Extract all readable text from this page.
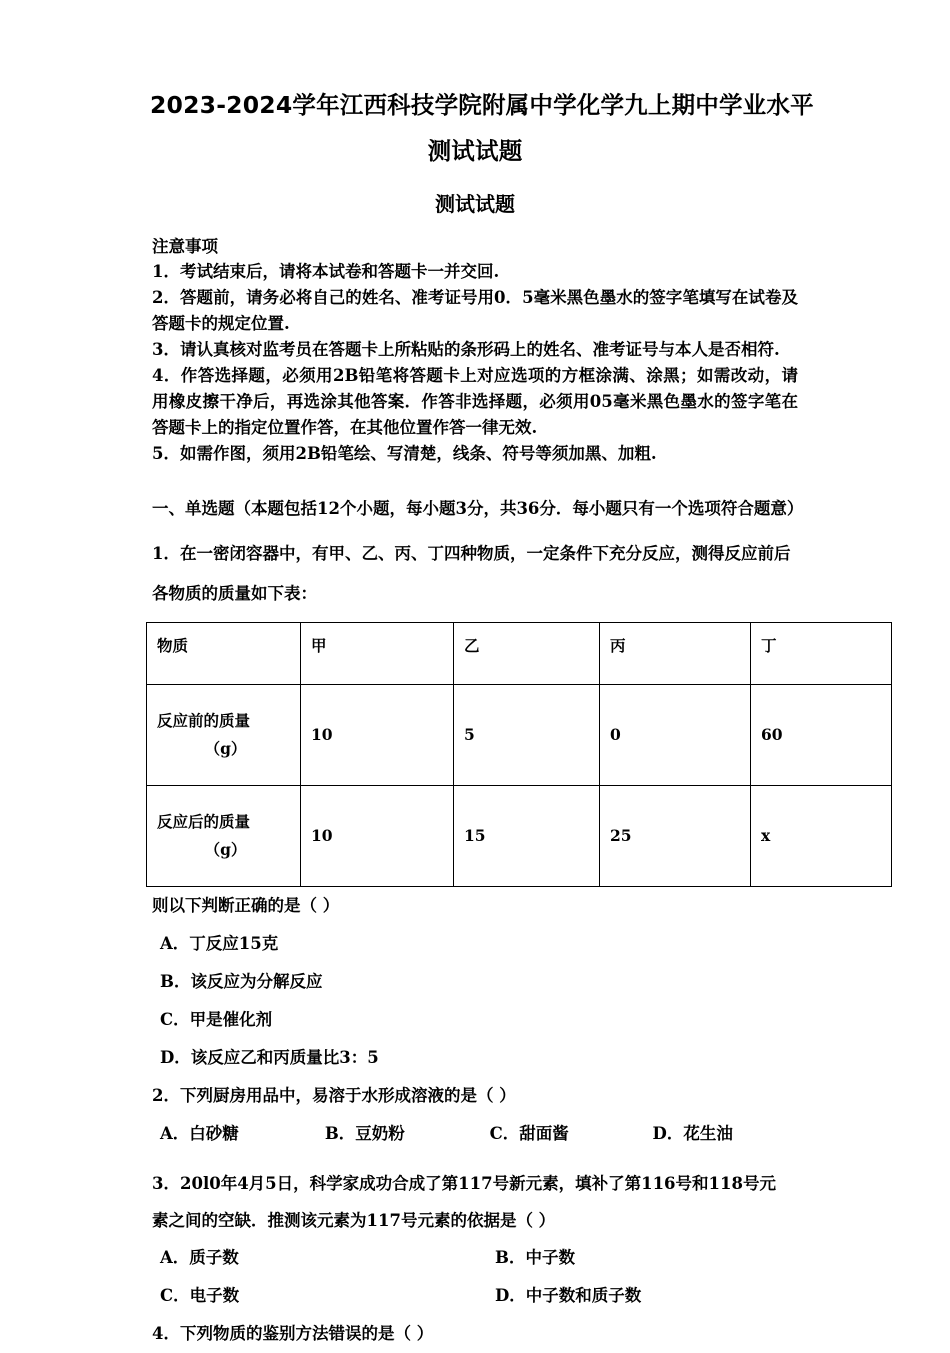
2023-2024学年江西科技学院附属中学化学九上期中学业水平
测试试题
测试试题
注意事项
1．考试结束后，请将本试卷和答题卡一并交回.
2．答题前，请务必将自己的姓名、准考证号用0．5毫米黑色墨水的签字笔填写在试卷及答题卡的规定位置.
3．请认真核对监考员在答题卡上所粘贴的条形码上的姓名、准考证号与本人是否相符.
4．作答选择题，必须用2B铅笔将答题卡上对应选项的方框涂满、涂黑；如需改动，请用橡皮擦干净后，再选涂其他答案．作答非选择题，必须用05毫米黑色墨水的签字笔在答题卡上的指定位置作答，在其他位置作答一律无效.
5．如需作图，须用2B铅笔绘、写清楚，线条、符号等须加黑、加粗.
一、单选题（本题包括12个小题，每小题3分，共36分．每小题只有一个选项符合题意）
1．在一密闭容器中，有甲、乙、丙、丁四种物质，一定条件下充分反应，测得反应前后
各物质的质量如下表：
物质	甲	乙	丙	丁

反应前的质量
（g）	10	5	0	60

反应后的质量
（g）	10	15	25	x
则以下判断正确的是（ ）
A．丁反应15克
B．该反应为分解反应
C．甲是催化剂
D．该反应乙和丙质量比3：5
2．下列厨房用品中，易溶于水形成溶液的是（ ）
A．白砂糖	B．豆奶粉	C．甜面酱	D．花生油
3．20l0年4月5日，科学家成功合成了第117号新元素，填补了第116号和118号元
素之间的空缺．推测该元素为117号元素的依据是（ ）
A．质子数	B．中子数
C．电子数	D．中子数和质子数
4．下列物质的鉴别方法错误的是（ ）
